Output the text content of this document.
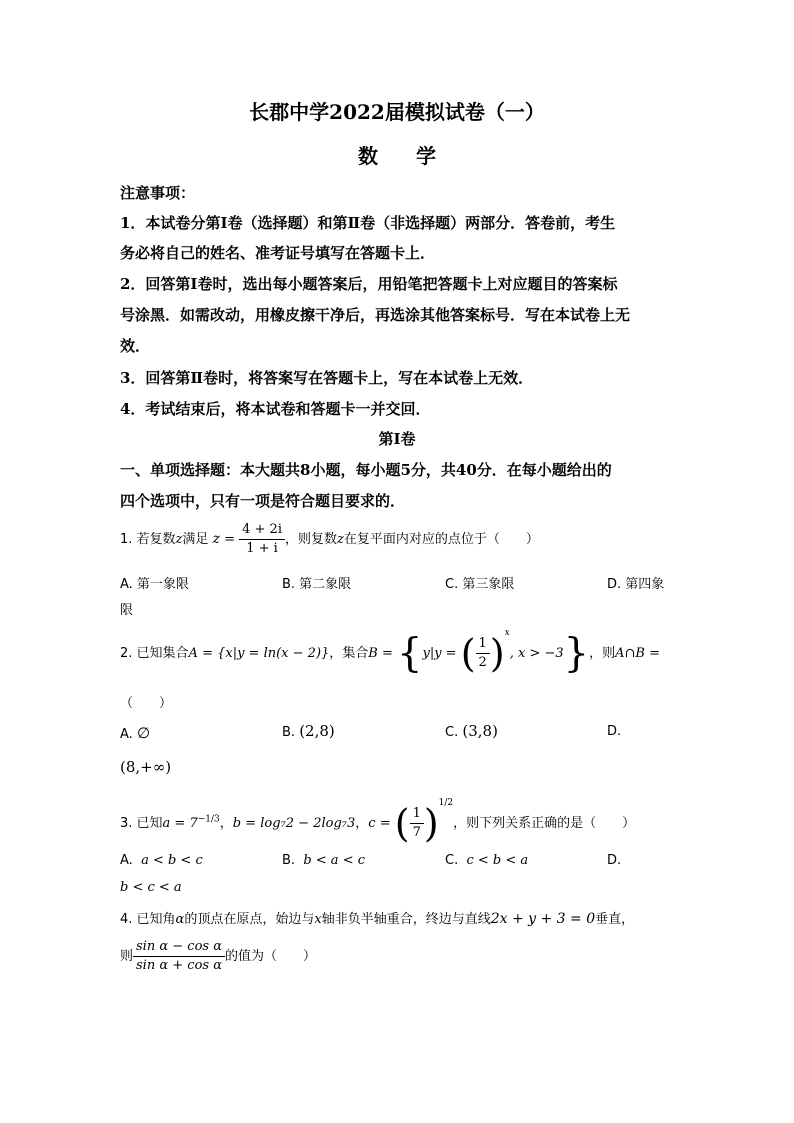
长郡中学2022届模拟试卷（一）
数学
注意事项：
1．本试卷分第Ⅰ卷（选择题）和第Ⅱ卷（非选择题）两部分．答卷前，考生
务必将自己的姓名、准考证号填写在答题卡上．
2．回答第Ⅰ卷时，选出每小题答案后，用铅笔把答题卡上对应题目的答案标
号涂黑．如需改动，用橡皮擦干净后，再选涂其他答案标号．写在本试卷上无
效．
3．回答第Ⅱ卷时，将答案写在答题卡上，写在本试卷上无效．
4．考试结束后，将本试卷和答题卡一并交回．
第Ⅰ卷
一、单项选择题：本大题共8小题，每小题5分，共40分．在每小题给出的
四个选项中，只有一项是符合题目要求的．
1. 若复数z满足 $z = \frac{4 + 2i}{1 + i}$ ，则复数z在复平面内对应的点位于（　　）
A. 第一象限	B. 第二象限	C. 第三象限	D. 第四象
限
2. 已知集合A = {x|y = ln(x − 2)}，集合B = {y|y = ( $\frac{1}{2} )^x$, x > −3}，则A∩B =
（　　）
A. ∅	B. (2,8)	C. (3,8)	D.
(8,+∞)
3. 已知$a = 7^{-1/3}$，b = log₇2 − 2log₇3，c = ( $\frac{1}{7} )^{1/2}$，则下列关系正确的是（　　）
A. a < b < c	B. b < a < c	C. c < b < a	D.
b < c < a
4. 已知角α的顶点在原点，始边与x轴非负半轴重合，终边与直线2x + y + 3 = 0垂直，
则 $\frac{\text{sin α − cos α}}{\text{sin α + cos α}}$ 的值为（　　）
